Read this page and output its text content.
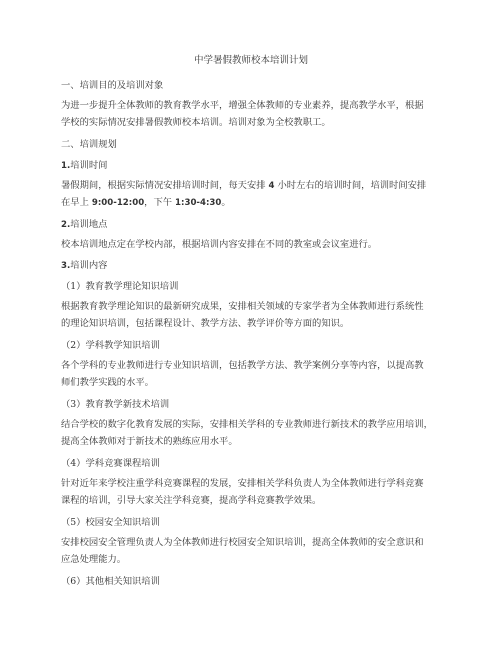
中学暑假教师校本培训计划
一、培训目的及培训对象
为进一步提升全体教师的教育教学水平，增强全体教师的专业素养，提高教学水平，根据
学校的实际情况安排暑假教师校本培训。培训对象为全校教职工。
二、培训规划
1.培训时间
暑假期间，根据实际情况安排培训时间，每天安排 4 小时左右的培训时间，培训时间安排
在早上 9:00-12:00，下午 1:30-4:30。
2.培训地点
校本培训地点定在学校内部，根据培训内容安排在不同的教室或会议室进行。
3.培训内容
（1）教育教学理论知识培训
根据教育教学理论知识的最新研究成果，安排相关领域的专家学者为全体教师进行系统性
的理论知识培训，包括课程设计、教学方法、教学评价等方面的知识。
（2）学科教学知识培训
各个学科的专业教师进行专业知识培训，包括教学方法、教学案例分享等内容，以提高教
师们教学实践的水平。
（3）教育教学新技术培训
结合学校的数字化教育发展的实际，安排相关学科的专业教师进行新技术的教学应用培训，
提高全体教师对于新技术的熟练应用水平。
（4）学科竞赛课程培训
针对近年来学校注重学科竞赛课程的发展，安排相关学科负责人为全体教师进行学科竞赛
课程的培训，引导大家关注学科竞赛，提高学科竞赛教学效果。
（5）校园安全知识培训
安排校园安全管理负责人为全体教师进行校园安全知识培训，提高全体教师的安全意识和
应急处理能力。
（6）其他相关知识培训
